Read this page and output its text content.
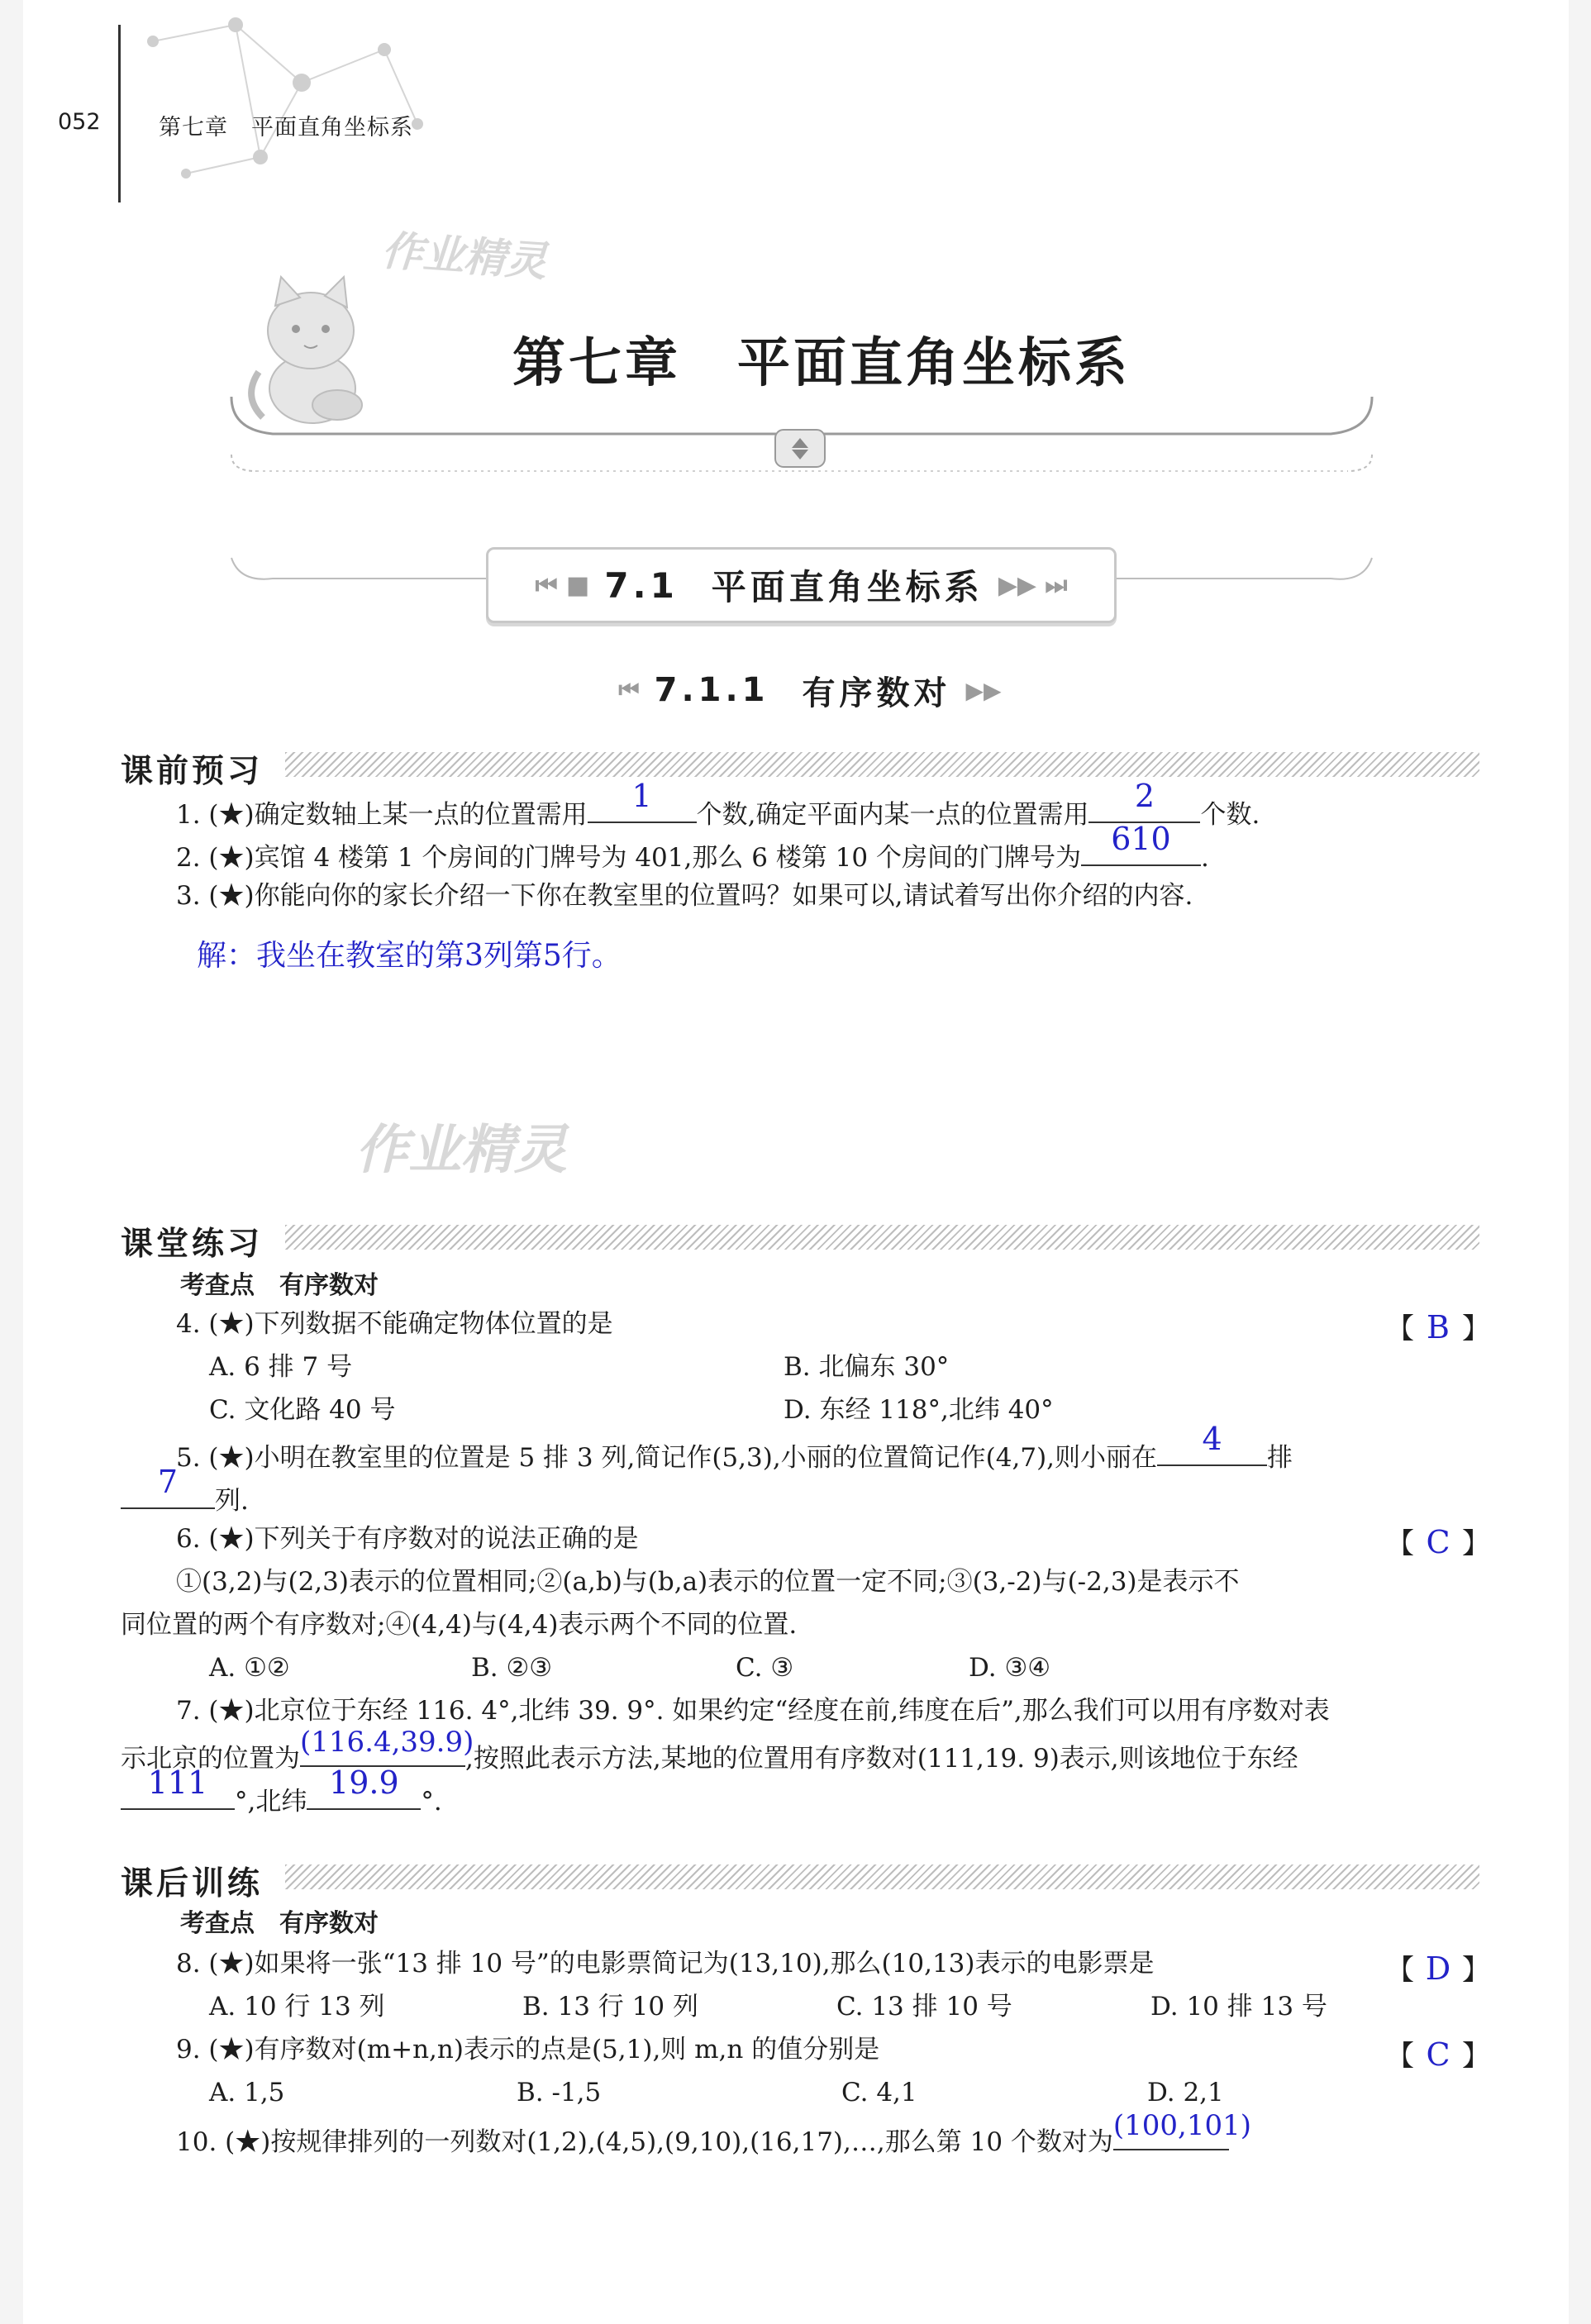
052	第七章　平面直角坐标系
作业精灵
第七章　平面直角坐标系
⏮ ■ 7.1 平面直角坐标系 ▶▶ ⏭
⏮ 7.1.1 有序数对 ▶▶
课前预习
1. (★)确定数轴上某一点的位置需用
1
个数,确定平面内某一点的位置需用
2
个数.
2. (★)宾馆 4 楼第 1 个房间的门牌号为 401,那么 6 楼第 10 个房间的门牌号为
610
.
3. (★)你能向你的家长介绍一下你在教室里的位置吗？如果可以,请试着写出你介绍的内容.
解：我坐在教室的第3列第5行。
作业精灵
课堂练习
考查点　有序数对
4. (★)下列数据不能确定物体位置的是	【 B 】
A. 6 排 7 号	B. 北偏东 30°
C. 文化路 40 号	D. 东经 118°,北纬 40°
5. (★)小明在教室里的位置是 5 排 3 列,简记作(5,3),小丽的位置简记作(4,7),则小丽在
4
排
7
列.
6. (★)下列关于有序数对的说法正确的是	【 C 】
①(3,2)与(2,3)表示的位置相同;②(a,b)与(b,a)表示的位置一定不同;③(3,-2)与(-2,3)是表示不
同位置的两个有序数对;④(4,4)与(4,4)表示两个不同的位置.
A. ①②	B. ②③	C. ③	D. ③④
7. (★)北京位于东经 116. 4°,北纬 39. 9°. 如果约定“经度在前,纬度在后”,那么我们可以用有序数对表
示北京的位置为
(116.4,39.9)
,按照此表示方法,某地的位置用有序数对(111,19. 9)表示,则该地位于东经
111
°,北纬
19.9
°.
课后训练
考查点　有序数对
8. (★)如果将一张“13 排 10 号”的电影票简记为(13,10),那么(10,13)表示的电影票是	【 D 】
A. 10 行 13 列	B. 13 行 10 列	C. 13 排 10 号	D. 10 排 13 号
9. (★)有序数对(m+n,n)表示的点是(5,1),则 m,n 的值分别是	【 C 】
A. 1,5	B. -1,5	C. 4,1	D. 2,1
10. (★)按规律排列的一列数对(1,2),(4,5),(9,10),(16,17),…,那么第 10 个数对为
(100,101)
